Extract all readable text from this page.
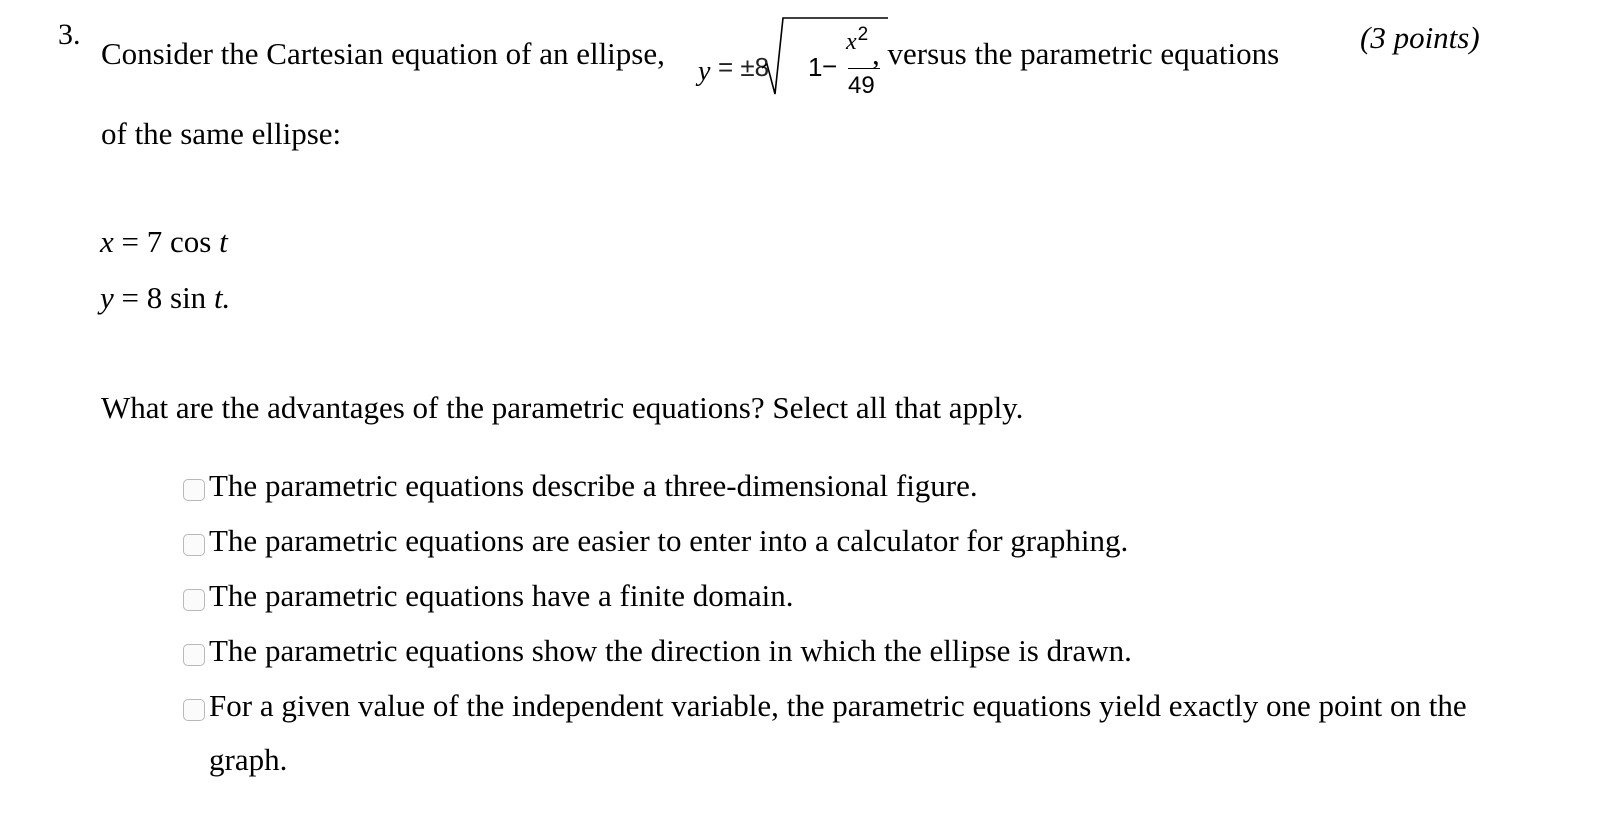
3.	(3 points)
Consider the Cartesian equation of an ellipse,
y = ±8 1 −
$x^2$
49
, versus the parametric equations
of the same ellipse:
x = 7 cos t
y = 8 sin t.
What are the advantages of the parametric equations? Select all that apply.
The parametric equations describe a three-dimensional figure.
The parametric equations are easier to enter into a calculator for graphing.
The parametric equations have a finite domain.
The parametric equations show the direction in which the ellipse is drawn.
For a given value of the independent variable, the parametric equations yield exactly one point on the graph.
